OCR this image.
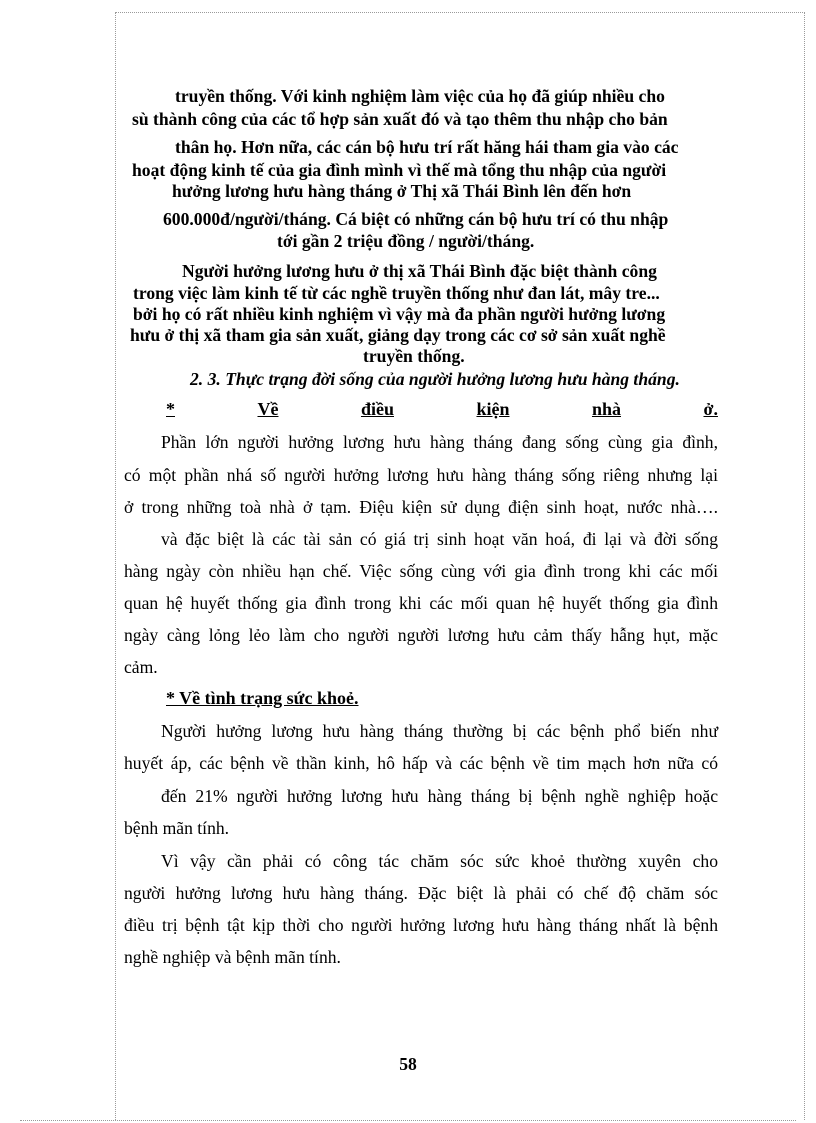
truyền thống. Với kinh nghiệm làm việc của họ đã giúp nhiều cho

sù thành công của các tổ hợp sản xuất đó và tạo thêm thu nhập cho bản

thân họ. Hơn nữa, các cán bộ hưu trí rất hăng hái tham gia vào các

hoạt động kinh tế của gia đình mình vì thế mà tổng thu nhập của người

hưởng lương hưu hàng tháng ở Thị xã Thái Bình lên đến hơn

600.000đ/người/tháng. Cá biệt có những cán bộ hưu trí có thu nhập

tới gần 2 triệu đồng / người/tháng.

Người hưởng lương hưu ở thị xã Thái Bình đặc biệt thành công

trong việc làm kinh tế từ các nghề truyền thống như đan lát, mây tre...

bởi họ có rất nhiều kinh nghiệm vì vậy mà đa phần người hưởng lương

hưu ở thị xã tham gia sản xuất, giảng dạy trong các cơ sở sản xuất nghề

truyền thống.

2. 3. Thực trạng đời sống của người hưởng lương hưu hàng tháng.

*	Về	điều	kiện	nhà	ở.

Phần lớn người hưởng lương hưu hàng tháng đang sống cùng gia đình,

có một phần nhá số người hưởng lương hưu hàng tháng sống riêng nhưng lại

ở trong những toà nhà ở tạm. Điệu kiện sử dụng điện sinh hoạt, nước nhà….

và đặc biệt là các tài sản có giá trị sinh hoạt văn hoá, đi lại và đời sống

hàng ngày còn nhiều hạn chế. Việc sống cùng với gia đình trong khi các mối

quan hệ huyết thống gia đình trong khi các mối quan hệ huyết thống gia đình

ngày càng lỏng lẻo làm cho người người lương hưu cảm thấy hẫng hụt, mặc

cảm.

* Về tình trạng sức khoẻ.

Người hưởng lương hưu hàng tháng thường bị các bệnh phổ biến như

huyết áp, các bệnh về thần kinh, hô hấp và các bệnh về tim mạch hơn nữa có

đến 21% người hưởng lương hưu hàng tháng bị bệnh nghề nghiệp hoặc

bệnh mãn tính.

Vì vậy cần phải có công tác chăm sóc sức khoẻ thường xuyên cho

người hưởng lương hưu hàng tháng. Đặc biệt là phải có chế độ chăm sóc

điều trị bệnh tật kịp thời cho người hưởng lương hưu hàng tháng nhất là bệnh

nghề nghiệp và bệnh mãn tính.

58
